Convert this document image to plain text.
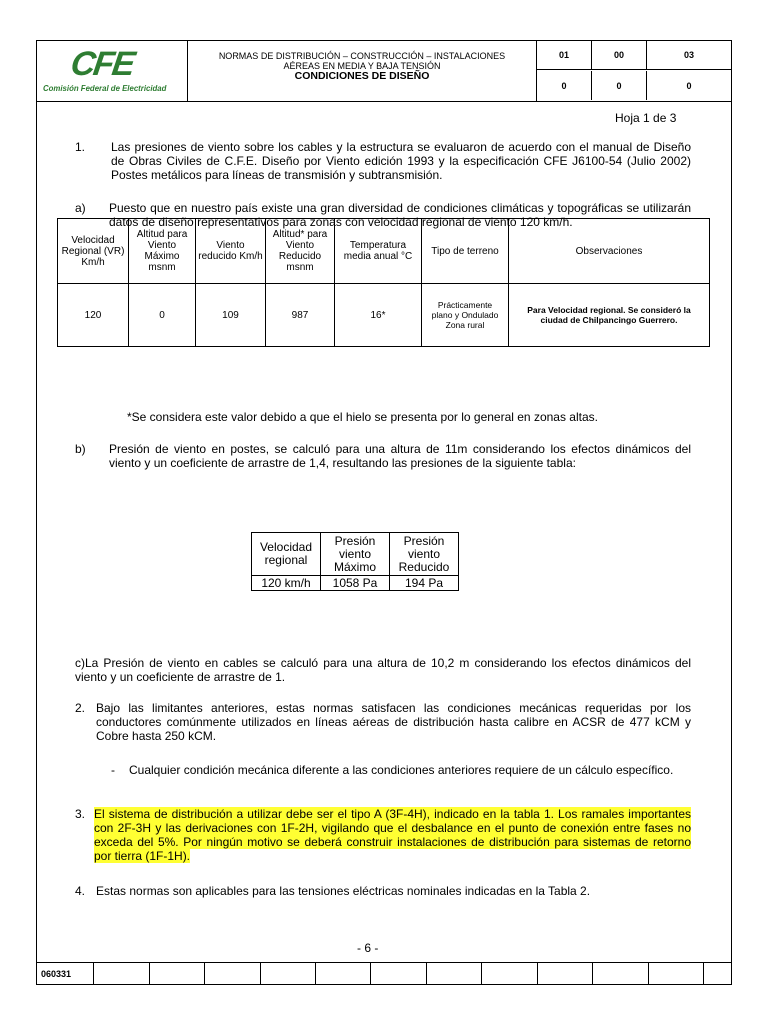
CFE
Comisión Federal de Electricidad
NORMAS DE DISTRIBUCIÓN – CONSTRUCCIÓN – INSTALACIONES
AÉREAS EN MEDIA Y BAJA TENSIÓN
CONDICIONES DE DISEÑO
01	00	03
0	0	0
Hoja 1 de 3
1. Las presiones de viento sobre los cables y la estructura se evaluaron de acuerdo con el manual de Diseño de Obras Civiles de C.F.E. Diseño por Viento edición 1993 y la especificación CFE J6100-54 (Julio 2002) Postes metálicos para líneas de transmisión y subtransmisión.
a) Puesto que en nuestro país existe una gran diversidad de condiciones climáticas y topográficas se utilizarán datos de diseño representativos para zonas con velocidad regional de viento 120 km/h.
Velocidad Regional (VR) Km/h	Altitud para Viento Máximo msnm	Viento reducido Km/h	Altitud* para Viento Reducido msnm	Temperatura media anual °C	Tipo de terreno	Observaciones
120	0	109	987	16*	Prácticamente plano y Ondulado Zona rural	Para Velocidad regional. Se consideró la ciudad de Chilpancingo Guerrero.
*Se considera este valor debido a que el hielo se presenta por lo general en zonas altas.
b) Presión de viento en postes, se calculó para una altura de 11m considerando los efectos dinámicos del viento y un coeficiente de arrastre de 1,4, resultando las presiones de la siguiente tabla:
Velocidad regional	Presión viento Máximo	Presión viento Reducido
120 km/h	1058 Pa	194 Pa
c)La Presión de viento en cables se calculó para una altura de 10,2 m considerando los efectos dinámicos del viento y un coeficiente de arrastre de 1.
2. Bajo las limitantes anteriores, estas normas satisfacen las condiciones mecánicas requeridas por los conductores comúnmente utilizados en líneas aéreas de distribución hasta calibre en ACSR de 477 kCM y Cobre hasta 250 kCM.
- Cualquier condición mecánica diferente a las condiciones anteriores requiere de un cálculo específico.
3. El sistema de distribución a utilizar debe ser el tipo A (3F-4H), indicado en la tabla 1. Los ramales importantes con 2F-3H y las derivaciones con 1F-2H, vigilando que el desbalance en el punto de conexión entre fases no exceda del 5%. Por ningún motivo se deberá construir instalaciones de distribución para sistemas de retorno por tierra (1F-1H).
4. Estas normas son aplicables para las tensiones eléctricas nominales indicadas en la Tabla 2.
- 6 -
060331
